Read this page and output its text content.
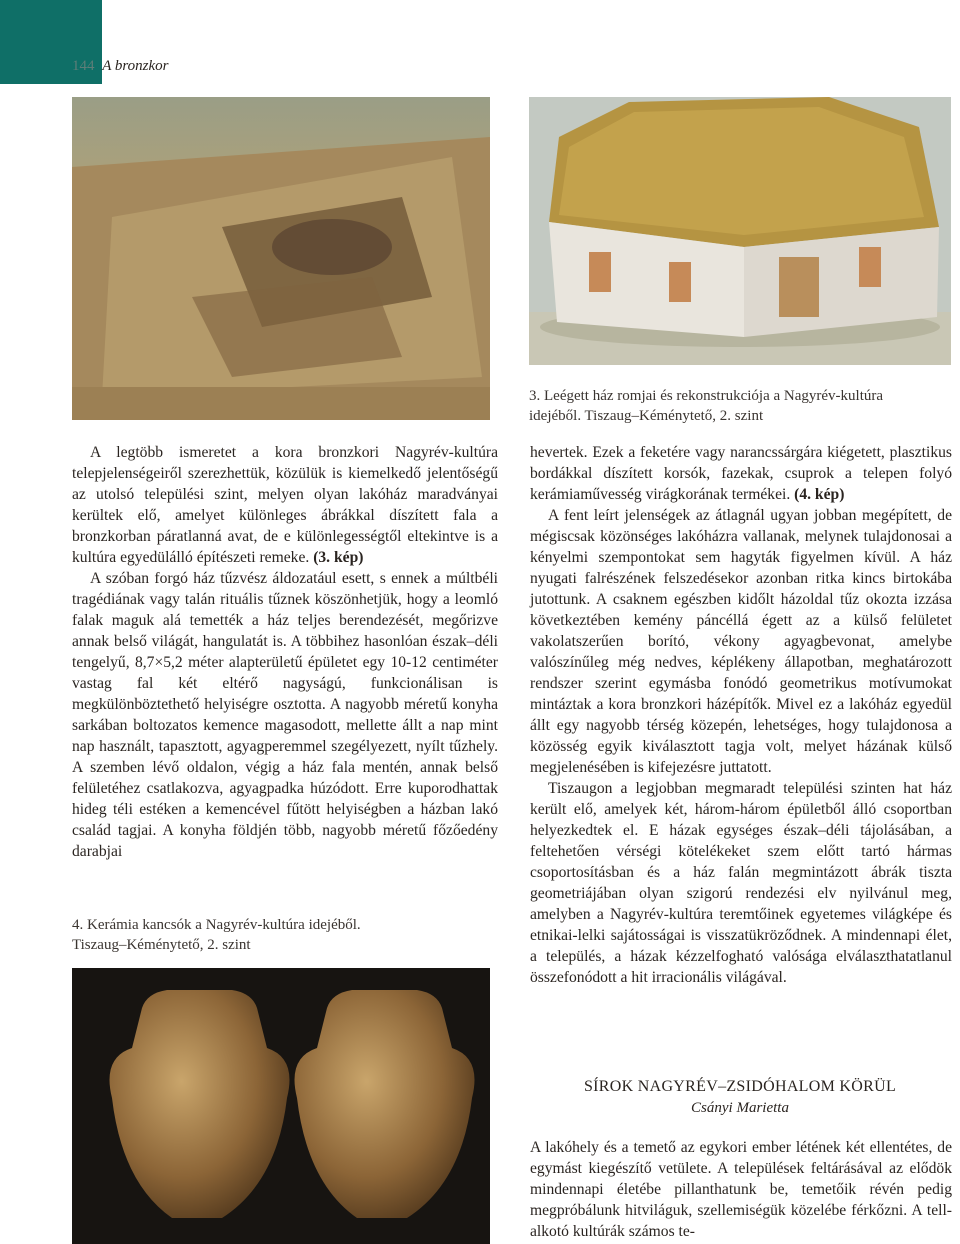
144 A bronzkor
3. Leégett ház romjai és rekonstrukciója a Nagyrév-kultúra
idejéből. Tiszaug–Kéménytető, 2. szint

A legtöbb ismeretet a kora bronzkori Nagyrév-kultúra telepjelenségeiről szerezhettük, közülük is kiemelkedő jelentőségű az utolsó települési szint, melyen olyan lakóház maradványai kerültek elő, amelyet különleges ábrákkal díszített fala a bronzkorban páratlanná avat, de e különlegességtől eltekintve is a kultúra egyedülálló építészeti remeke. (3. kép)

A szóban forgó ház tűzvész áldozatául esett, s ennek a múltbéli tragédiának vagy talán rituális tűznek köszönhetjük, hogy a leomló falak maguk alá temették a ház teljes berendezését, megőrizve annak belső világát, hangulatát is. A többihez hasonlóan észak–déli tengelyű, 8,7×5,2 méter alapterületű épületet egy 10-12 centiméter vastag fal két eltérő nagyságú, funkcionálisan is megkülönböztethető helyiségre osztotta. A nagyobb méretű konyha sarkában boltozatos kemence magasodott, mellette állt a nap mint nap használt, tapasztott, agyagperemmel szegélyezett, nyílt tűzhely. A szemben lévő oldalon, végig a ház fala mentén, annak belső felületéhez csatlakozva, agyagpadka húzódott. Erre kuporodhattak hideg téli estéken a kemencével fűtött helyiségben a házban lakó család tagjai. A konyha földjén több, nagyobb méretű főzőedény darabjai

4. Kerámia kancsók a Nagyrév-kultúra idejéből.
Tiszaug–Kéménytető, 2. szint

hevertek. Ezek a feketére vagy narancssárgára kiégetett, plasztikus bordákkal díszített korsók, fazekak, csuprok a telepen folyó kerámiaművesség virágkorának termékei. (4. kép)

A fent leírt jelenségek az átlagnál ugyan jobban megépített, de mégiscsak közönséges lakóházra vallanak, melynek tulajdonosai a kényelmi szempontokat sem hagyták figyelmen kívül. A ház nyugati falrészének felszedésekor azonban ritka kincs birtokába jutottunk. A csaknem egészben kidőlt házoldal tűz okozta izzása következtében kemény páncéllá égett az a külső felületet vakolatszerűen borító, vékony agyagbevonat, amelybe valószínűleg még nedves, képlékeny állapotban, meghatározott rendszer szerint egymásba fonódó geometrikus motívumokat mintáztak a kora bronzkori házépítők. Mivel ez a lakóház egyedül állt egy nagyobb térség közepén, lehetséges, hogy tulajdonosa a közösség egyik kiválasztott tagja volt, melyet házának külső megjelenésében is kifejezésre juttatott.

Tiszaugon a legjobban megmaradt települési szinten hat ház került elő, amelyek két, három-három épületből álló csoportban helyezkedtek el. E házak egységes észak–déli tájolásában, a feltehetően vérségi kötelékeket szem előtt tartó hármas csoportosításban és a ház falán megmintázott ábrák tiszta geometriájában olyan szigorú rendezési elv nyilvánul meg, amelyben a Nagyrév-kultúra teremtőinek egyetemes világképe és etnikai-lelki sajátosságai is visszatükröződnek. A mindennapi élet, a település, a házak kézzelfogható valósága elválaszthatatlanul összefonódott a hit irracionális világával.

SÍROK NAGYRÉV–ZSIDÓHALOM KÖRÜL
Csányi Marietta

A lakóhely és a temető az egykori ember létének két ellentétes, de egymást kiegészítő vetülete. A települések feltárásával az elődök mindennapi életébe pillanthatunk be, temetőik révén pedig megpróbálunk hitviláguk, szellemiségük közelébe férkőzni. A tell-alkotó kultúrák számos te-
